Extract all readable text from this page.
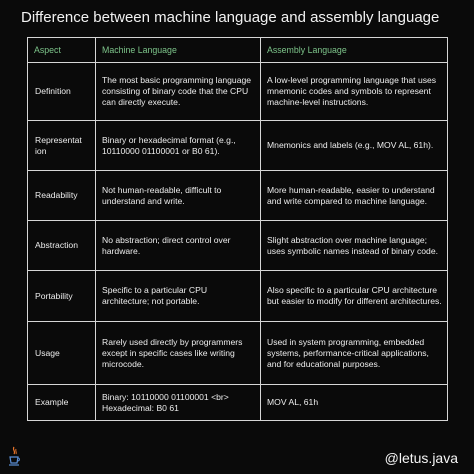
Difference between machine language and assembly language
Aspect	Machine Language	Assembly Language
Definition	The most basic programming language consisting of binary code that the CPU can directly execute.	A low-level programming language that uses mnemonic codes and symbols to represent machine-level instructions.
Representat ion	Binary or hexadecimal format (e.g., 10110000 01100001 or B0 61).	Mnemonics and labels (e.g., MOV AL, 61h).
Readability	Not human-readable, difficult to understand and write.	More human-readable, easier to understand and write compared to machine language.
Abstraction	No abstraction; direct control over hardware.	Slight abstraction over machine language; uses symbolic names instead of binary code.
Portability	Specific to a particular CPU architecture; not portable.	Also specific to a particular CPU architecture but easier to modify for different architectures.
Usage	Rarely used directly by programmers except in specific cases like writing microcode.	Used in system programming, embedded systems, performance-critical applications, and for educational purposes.
Example	Binary: 10110000 01100001 <br> Hexadecimal: B0 61	MOV AL, 61h
@letus.java
